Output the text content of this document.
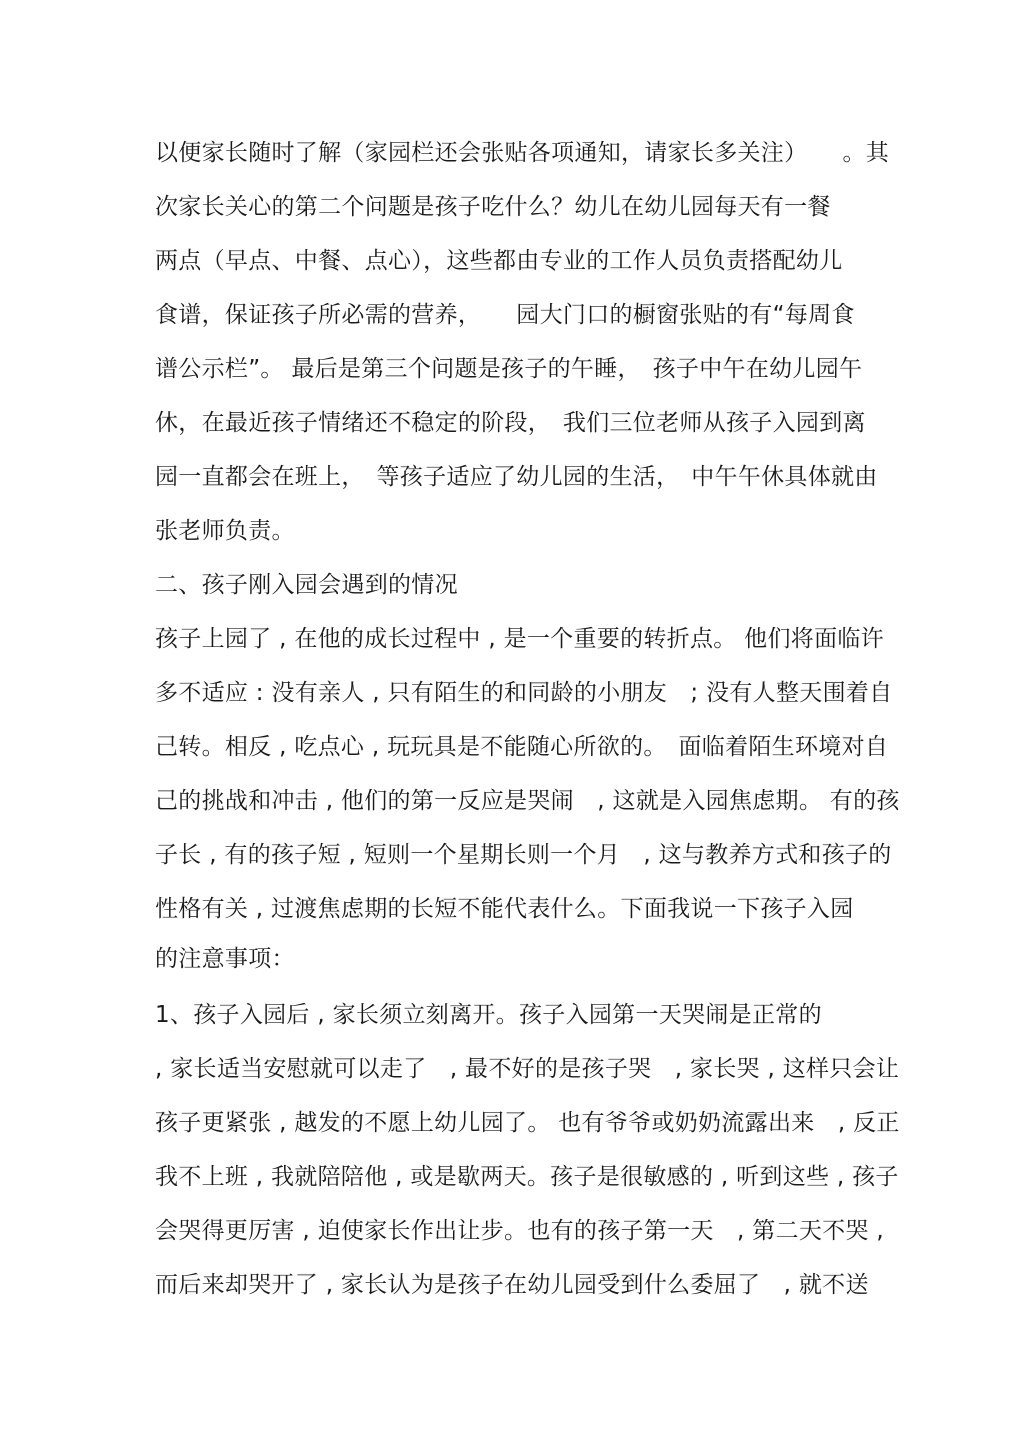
以便家长随时了解（家园栏还会张贴各项通知，请家长多关注）　　。其
次家长关心的第二个问题是孩子吃什么？幼儿在幼儿园每天有一餐
两点（早点、中餐、点心），这些都由专业的工作人员负责搭配幼儿
食谱，保证孩子所必需的营养，　　园大门口的橱窗张贴的有“每周食
谱公示栏”。 最后是第三个问题是孩子的午睡，　孩子中午在幼儿园午
休，在最近孩子情绪还不稳定的阶段，　我们三位老师从孩子入园到离
园一直都会在班上，　等孩子适应了幼儿园的生活，　中午午休具体就由
张老师负责。
二、孩子刚入园会遇到的情况
孩子上园了 , 在他的成长过程中 , 是一个重要的转折点。 他们将面临许
多不适应 : 没有亲人 , 只有陌生的和同龄的小朋友　; 没有人整天围着自
己转。相反 , 吃点心 , 玩玩具是不能随心所欲的。　面临着陌生环境对自
己的挑战和冲击 , 他们的第一反应是哭闹　, 这就是入园焦虑期。 有的孩
子长 , 有的孩子短 , 短则一个星期长则一个月　, 这与教养方式和孩子的
性格有关 , 过渡焦虑期的长短不能代表什么。下面我说一下孩子入园
的注意事项：
1、孩子入园后 , 家长须立刻离开。孩子入园第一天哭闹是正常的
, 家长适当安慰就可以走了　, 最不好的是孩子哭　, 家长哭 , 这样只会让
孩子更紧张 , 越发的不愿上幼儿园了。 也有爷爷或奶奶流露出来　, 反正
我不上班 , 我就陪陪他 , 或是歇两天。孩子是很敏感的 , 听到这些 , 孩子
会哭得更厉害 , 迫使家长作出让步。也有的孩子第一天　, 第二天不哭 ,
而后来却哭开了 , 家长认为是孩子在幼儿园受到什么委屈了　, 就不送
